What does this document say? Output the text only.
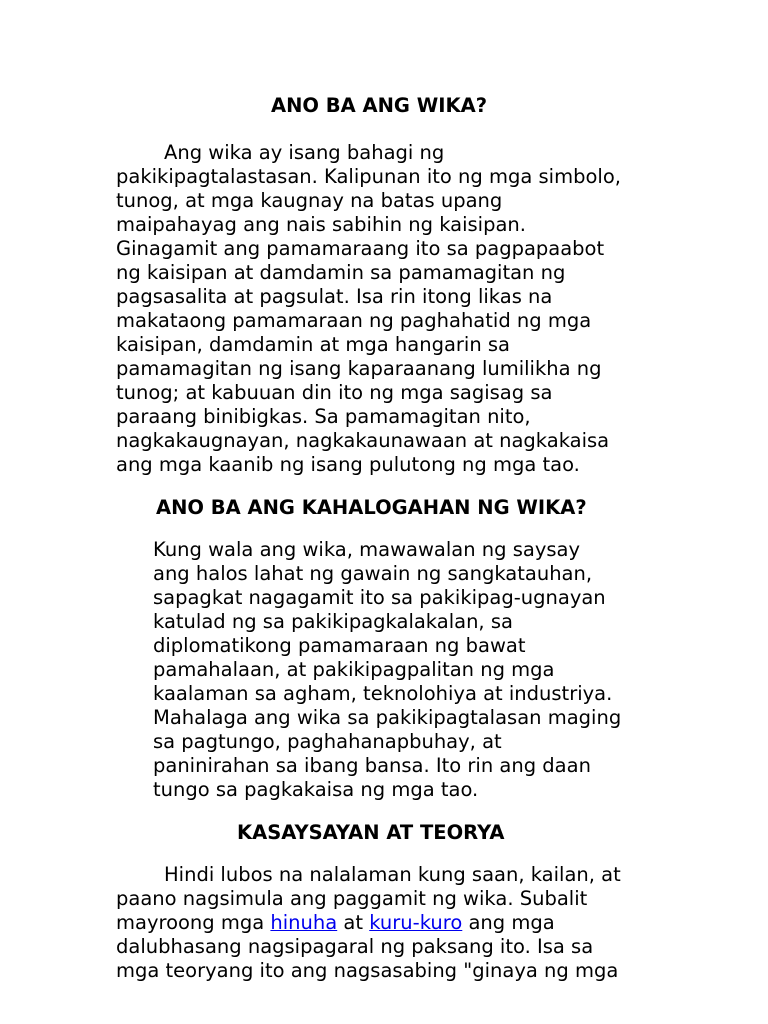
ANO BA ANG WIKA?
Ang wika ay isang bahagi ng
pakikipagtalastasan. Kalipunan ito ng mga simbolo,
tunog, at mga kaugnay na batas upang
maipahayag ang nais sabihin ng kaisipan.
Ginagamit ang pamamaraang ito sa pagpapaabot
ng kaisipan at damdamin sa pamamagitan ng
pagsasalita at pagsulat. Isa rin itong likas na
makataong pamamaraan ng paghahatid ng mga
kaisipan, damdamin at mga hangarin sa
pamamagitan ng isang kaparaanang lumilikha ng
tunog; at kabuuan din ito ng mga sagisag sa
paraang binibigkas. Sa pamamagitan nito,
nagkakaugnayan, nagkakaunawaan at nagkakaisa
ang mga kaanib ng isang pulutong ng mga tao.
ANO BA ANG KAHALOGAHAN NG WIKA?
Kung wala ang wika, mawawalan ng saysay
ang halos lahat ng gawain ng sangkatauhan,
sapagkat nagagamit ito sa pakikipag-ugnayan
katulad ng sa pakikipagkalakalan, sa
diplomatikong pamamaraan ng bawat
pamahalaan, at pakikipagpalitan ng mga
kaalaman sa agham, teknolohiya at industriya.
Mahalaga ang wika sa pakikipagtalasan maging
sa pagtungo, paghahanapbuhay, at
paninirahan sa ibang bansa. Ito rin ang daan
tungo sa pagkakaisa ng mga tao.
KASAYSAYAN AT TEORYA
Hindi lubos na nalalaman kung saan, kailan, at
paano nagsimula ang paggamit ng wika. Subalit
mayroong mga hinuha at kuru-kuro ang mga
dalubhasang nagsipagaral ng paksang ito. Isa sa
mga teoryang ito ang nagsasabing "ginaya ng mga
